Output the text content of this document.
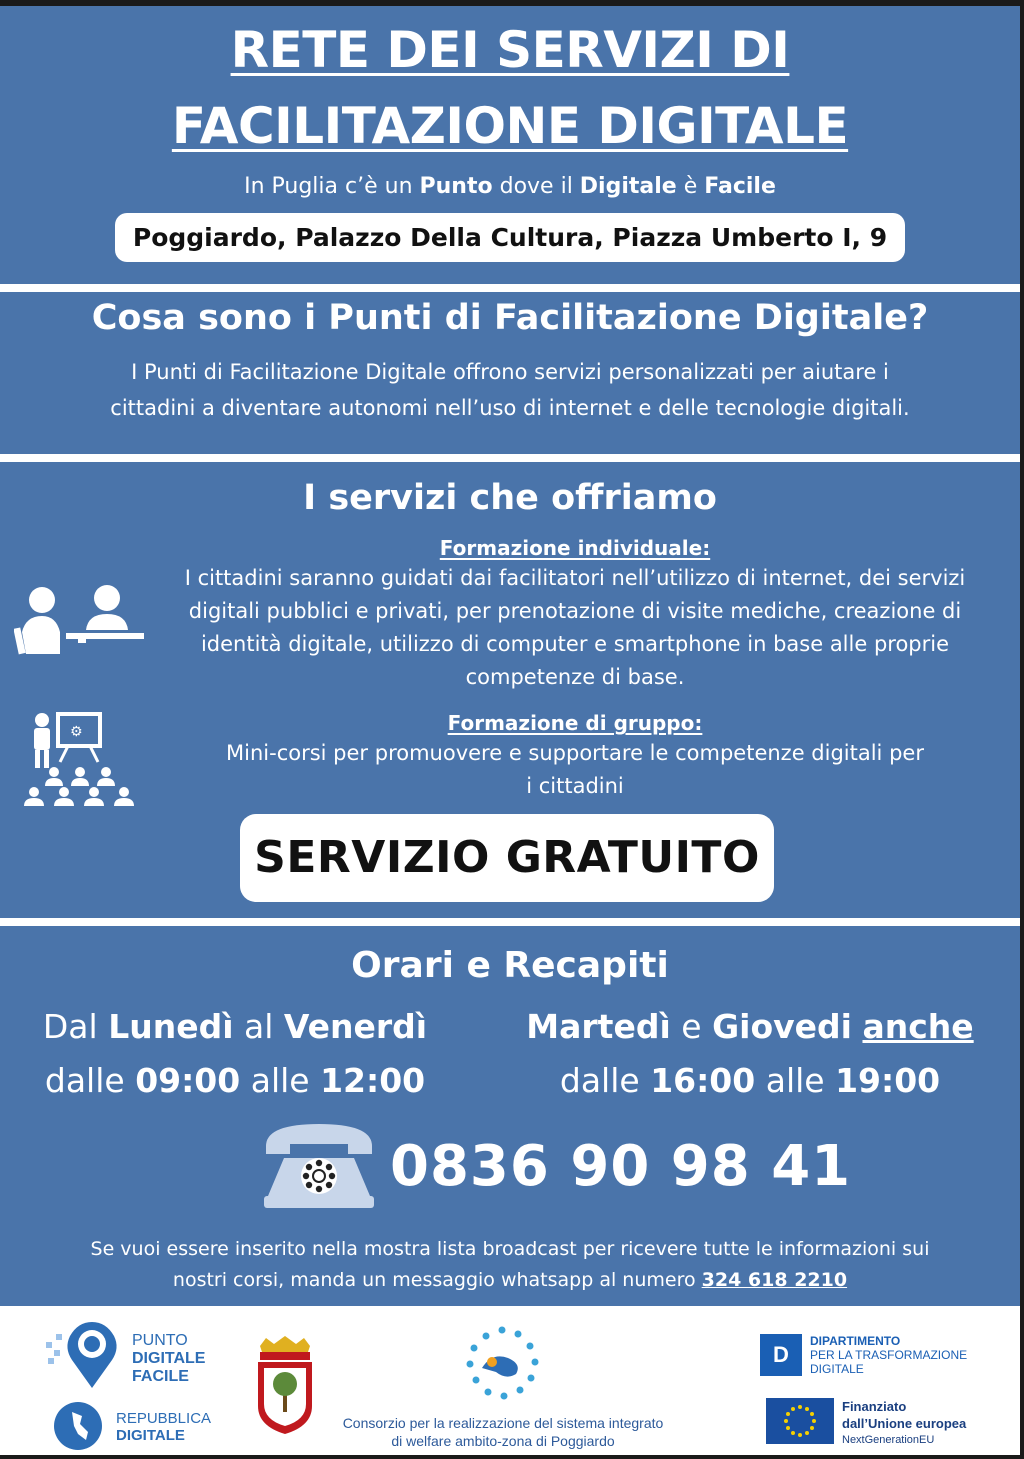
RETE DEI SERVIZI DI
FACILITAZIONE DIGITALE
In Puglia c’è un Punto dove il Digitale è Facile
Poggiardo, Palazzo Della Cultura, Piazza Umberto I, 9
Cosa sono i Punti di Facilitazione Digitale?
I Punti di Facilitazione Digitale offrono servizi personalizzati per aiutare i
cittadini a diventare autonomi nell’uso di internet e delle tecnologie digitali.
I servizi che offriamo
Formazione individuale:
I cittadini saranno guidati dai facilitatori nell’utilizzo di internet, dei servizi
digitali pubblici e privati, per prenotazione di visite mediche, creazione di
identità digitale, utilizzo di computer e smartphone in base alle proprie
competenze di base.
⚙	Formazione di gruppo:
Mini-corsi per promuovere e supportare le competenze digitali per
i cittadini
SERVIZIO GRATUITO
Orari e Recapiti
Dal Lunedì al Venerdì
dalle 09:00 alle 12:00
Martedì e Giovedi anche
dalle 16:00 alle 19:00
0836 90 98 41
Se vuoi essere inserito nella mostra lista broadcast per ricevere tutte le informazioni sui
nostri corsi, manda un messaggio whatsapp al numero 324 618 2210
PUNTO
DIGITALE
FACILE
REPUBBLICA
DIGITALE
Consorzio per la realizzazione del sistema integrato
di welfare ambito-zona di Poggiardo
D
DIPARTIMENTO
PER LA TRASFORMAZIONE
DIGITALE
Finanziato
dall’Unione europea
NextGenerationEU
